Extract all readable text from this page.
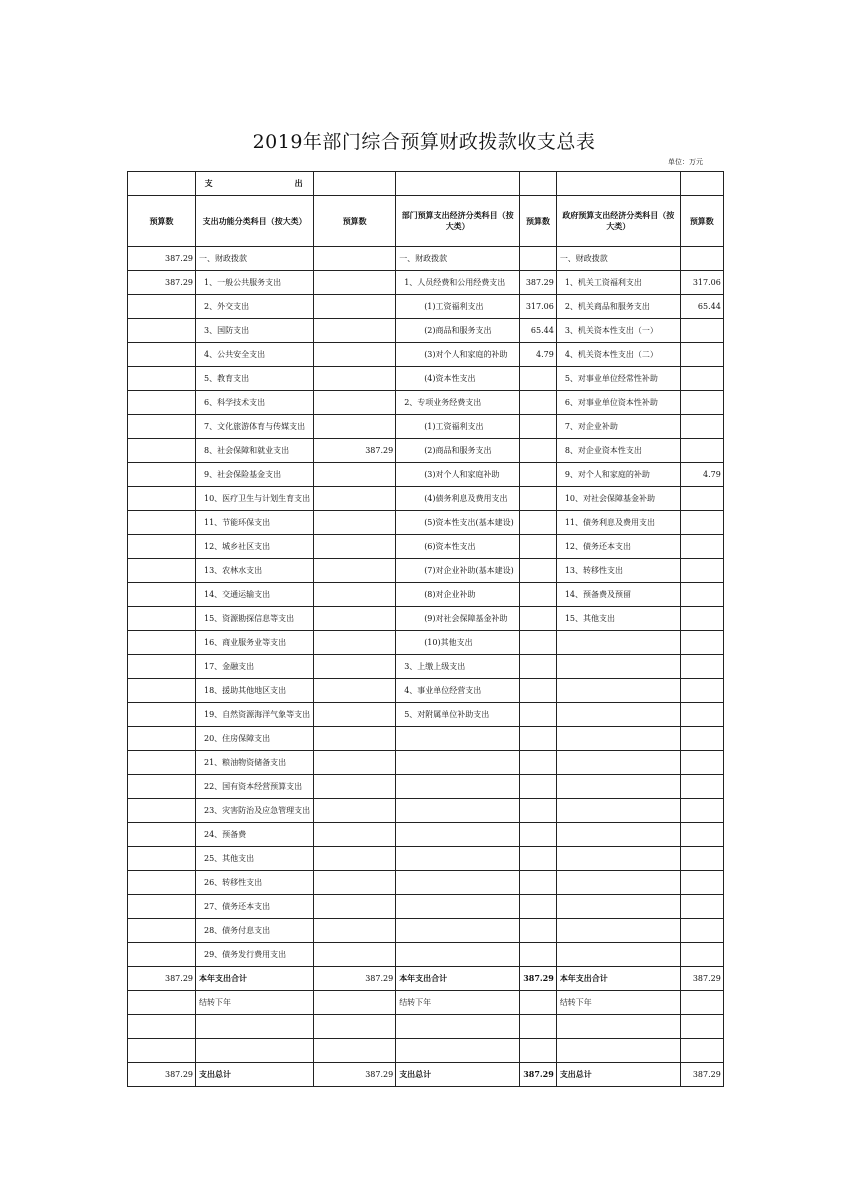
2019年部门综合预算财政拨款收支总表
单位：万元
	支出					
预算数	支出功能分类科目（按大类）	预算数	部门预算支出经济分类科目（按大类）	预算数	政府预算支出经济分类科目（按大类）	预算数
387.29	一、财政拨款		一、财政拨款		一、财政拨款	
387.29	1、一般公共服务支出		1、人员经费和公用经费支出	387.29	1、机关工资福利支出	317.06
	2、外交支出		(1)工资福利支出	317.06	2、机关商品和服务支出	65.44
	3、国防支出		(2)商品和服务支出	65.44	3、机关资本性支出（一）	
	4、公共安全支出		(3)对个人和家庭的补助	4.79	4、机关资本性支出（二）	
	5、教育支出		(4)资本性支出		5、对事业单位经常性补助	
	6、科学技术支出		2、专项业务经费支出		6、对事业单位资本性补助	
	7、文化旅游体育与传媒支出		(1)工资福利支出		7、对企业补助	
	8、社会保障和就业支出	387.29	(2)商品和服务支出		8、对企业资本性支出	
	9、社会保险基金支出		(3)对个人和家庭补助		9、对个人和家庭的补助	4.79
	10、医疗卫生与计划生育支出		(4)债务利息及费用支出		10、对社会保障基金补助	
	11、节能环保支出		(5)资本性支出(基本建设)		11、债务利息及费用支出	
	12、城乡社区支出		(6)资本性支出		12、债务还本支出	
	13、农林水支出		(7)对企业补助(基本建设)		13、转移性支出	
	14、交通运输支出		(8)对企业补助		14、预备费及预留	
	15、资源勘探信息等支出		(9)对社会保障基金补助		15、其他支出	
	16、商业服务业等支出		(10)其他支出			
	17、金融支出		3、上缴上级支出			
	18、援助其他地区支出		4、事业单位经营支出			
	19、自然资源海洋气象等支出		5、对附属单位补助支出			
	20、住房保障支出					
	21、粮油物资储备支出					
	22、国有资本经营预算支出					
	23、灾害防治及应急管理支出					
	24、预备费					
	25、其他支出					
	26、转移性支出					
	27、债务还本支出					
	28、债务付息支出					
	29、债务发行费用支出					
387.29	本年支出合计	387.29	本年支出合计	387.29	本年支出合计	387.29
	结转下年		结转下年		结转下年	

387.29	支出总计	387.29	支出总计	387.29	支出总计	387.29
